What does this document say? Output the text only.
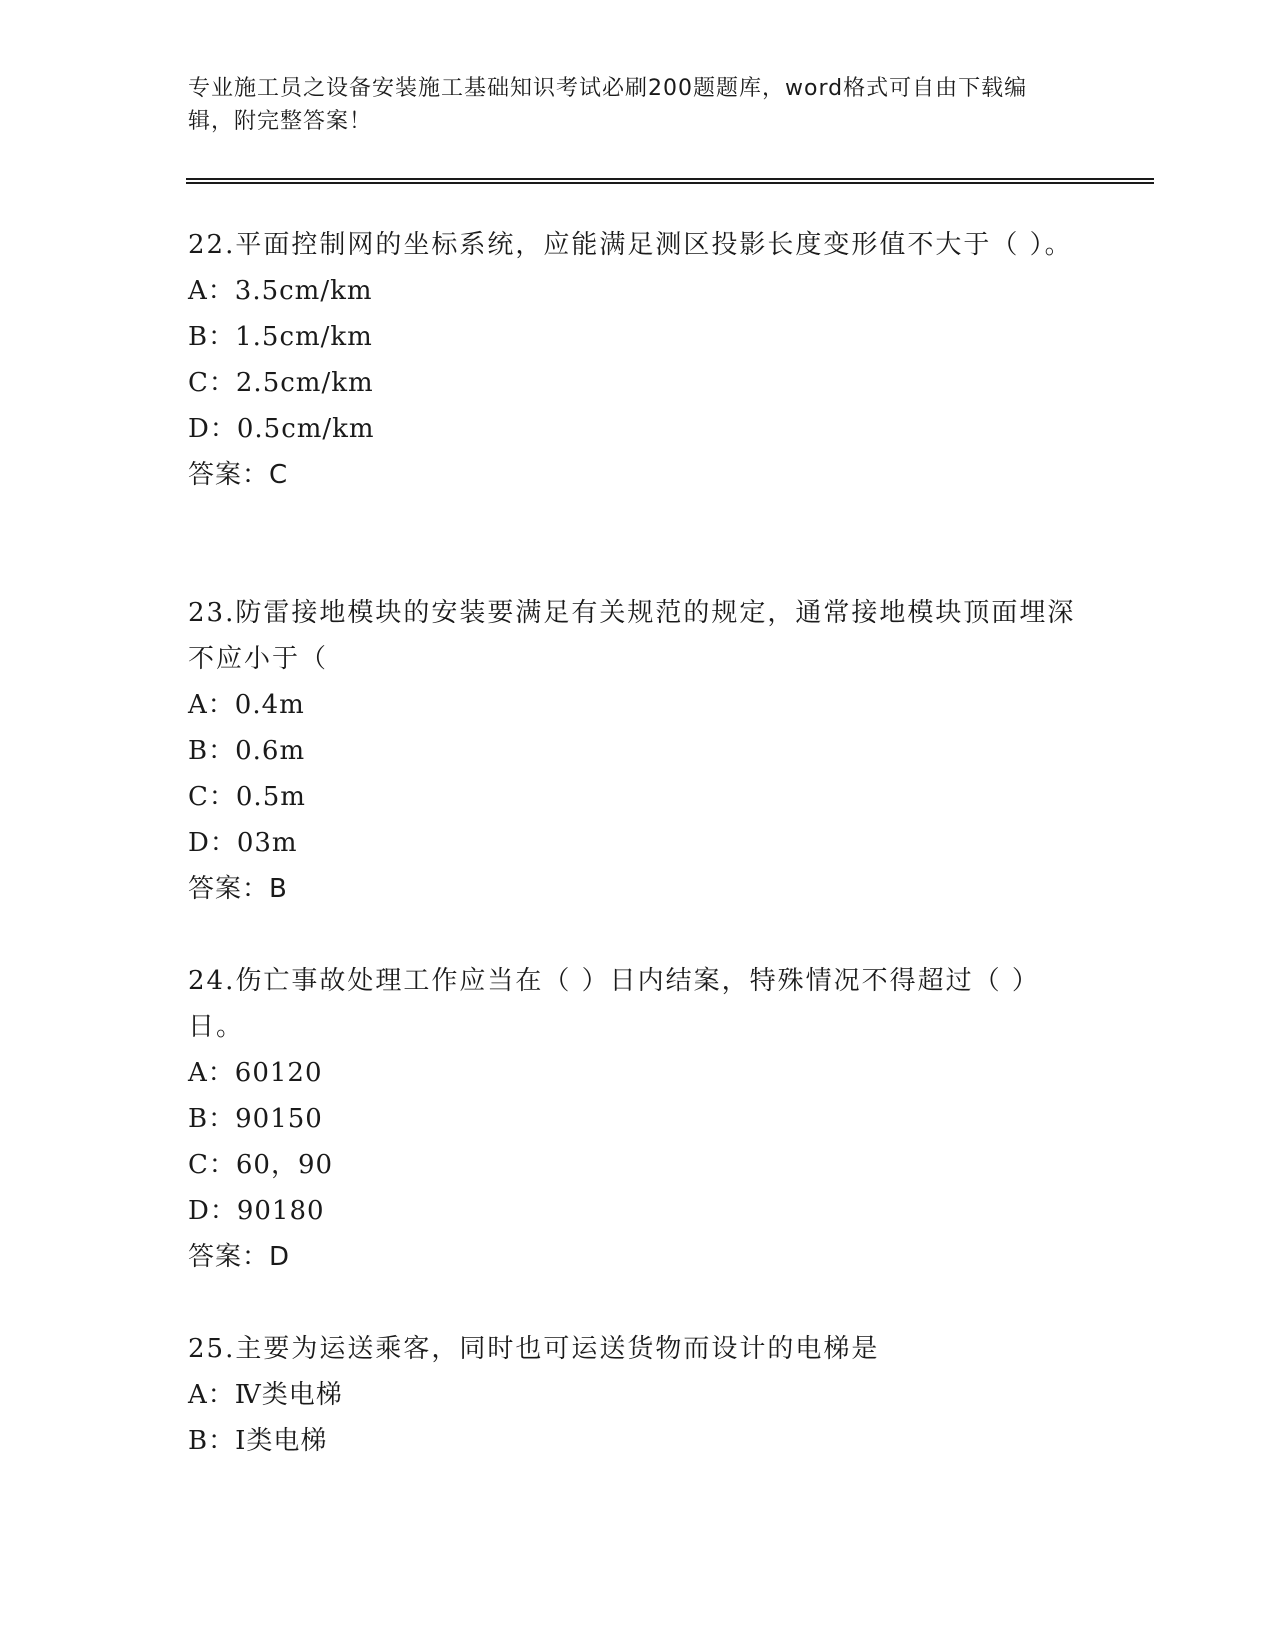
专业施工员之设备安装施工基础知识考试必刷200题题库，word格式可自由下载编辑，附完整答案！

22.平面控制网的坐标系统，应能满足测区投影长度变形值不大于（ ）。

A：3.5cm/km

B：1.5cm/km

C：2.5cm/km

D：0.5cm/km

答案：C

23.防雷接地模块的安装要满足有关规范的规定，通常接地模块顶面埋深不应小于（

A：0.4m

B：0.6m

C：0.5m

D：03m

答案：B

24.伤亡事故处理工作应当在（ ）日内结案，特殊情况不得超过（ ）日。

A：60120

B：90150

C：60，90

D：90180

答案：D

25.主要为运送乘客，同时也可运送货物而设计的电梯是

A：Ⅳ类电梯

B：Ⅰ类电梯
